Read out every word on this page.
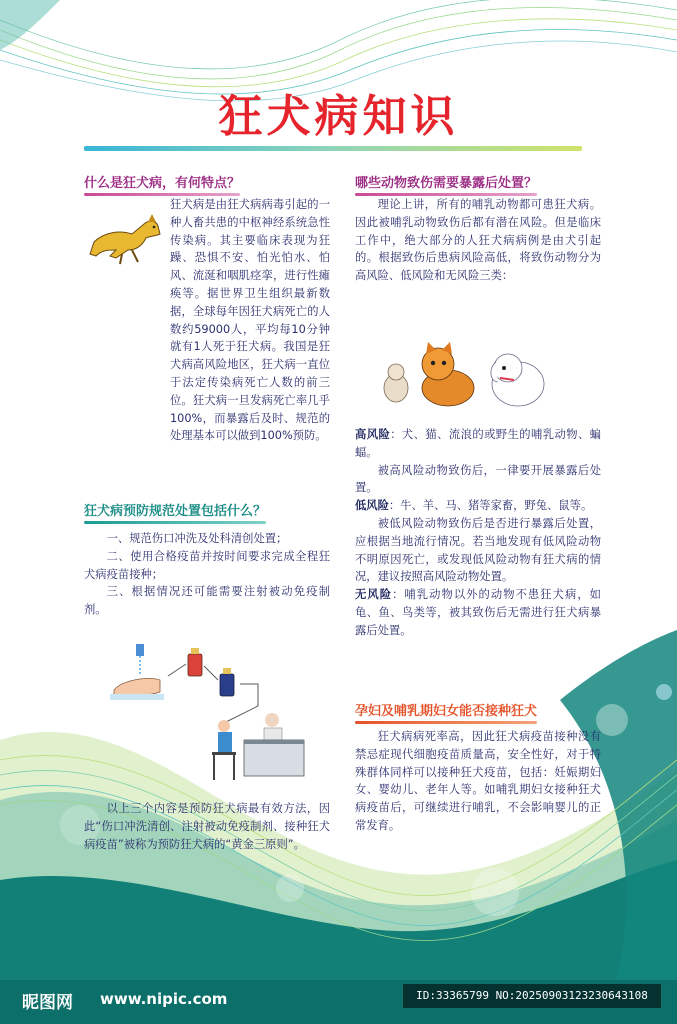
狂犬病知识
什么是狂犬病，有何特点？

狂犬病是由狂犬病病毒引起的一种人畜共患的中枢神经系统急性传染病。其主要临床表现为狂躁、恐惧不安、怕光怕水、怕风、流涎和咽肌痉挛，进行性瘫痪等。据世界卫生组织最新数据，全球每年因狂犬病死亡的人数约59000人，平均每10分钟就有1人死于狂犬病。我国是狂犬病高风险地区，狂犬病一直位于法定传染病死亡人数的前三位。狂犬病一旦发病死亡率几乎100%，而暴露后及时、规范的处理基本可以做到100%预防。

狂犬病预防规范处置包括什么？

一、规范伤口冲洗及处科清创处置；

二、使用合格疫苗并按时间要求完成全程狂犬病疫苗接种；

三、根据情况还可能需要注射被动免疫制剂。

以上三个内容是预防狂犬病最有效方法，因此“伤口冲洗清创、注射被动免疫制剂、接种狂犬病疫苗”被称为预防狂犬病的“黄金三原则”。

哪些动物致伤需要暴露后处置？

理论上讲，所有的哺乳动物都可患狂犬病。因此被哺乳动物致伤后都有潜在风险。但是临床工作中，绝大部分的人狂犬病病例是由犬引起的。根据致伤后患病风险高低，将致伤动物分为高风险、低风险和无风险三类：

高风险：犬、猫、流浪的或野生的哺乳动物、蝙蝠。

被高风险动物致伤后，一律要开展暴露后处置。

低风险：牛、羊、马、猪等家畜，野兔、鼠等。

被低风险动物致伤后是否进行暴露后处置，应根据当地流行情况。若当地发现有低风险动物不明原因死亡，或发现低风险动物有狂犬病的情况，建议按照高风险动物处置。

无风险：哺乳动物以外的动物不患狂犬病，如龟、鱼、鸟类等，被其致伤后无需进行狂犬病暴露后处置。

孕妇及哺乳期妇女能否接种狂犬

狂犬病病死率高，因此狂犬病疫苗接种没有禁忌症现代细胞疫苗质量高，安全性好，对于特殊群体同样可以接种狂犬疫苗，包括：妊娠期妇女、婴幼儿、老年人等。如哺乳期妇女接种狂犬病疫苗后，可继续进行哺乳，不会影响婴儿的正常发育。

昵图网 www.nipic.com	ID:33365799 NO:20250903123230643108
